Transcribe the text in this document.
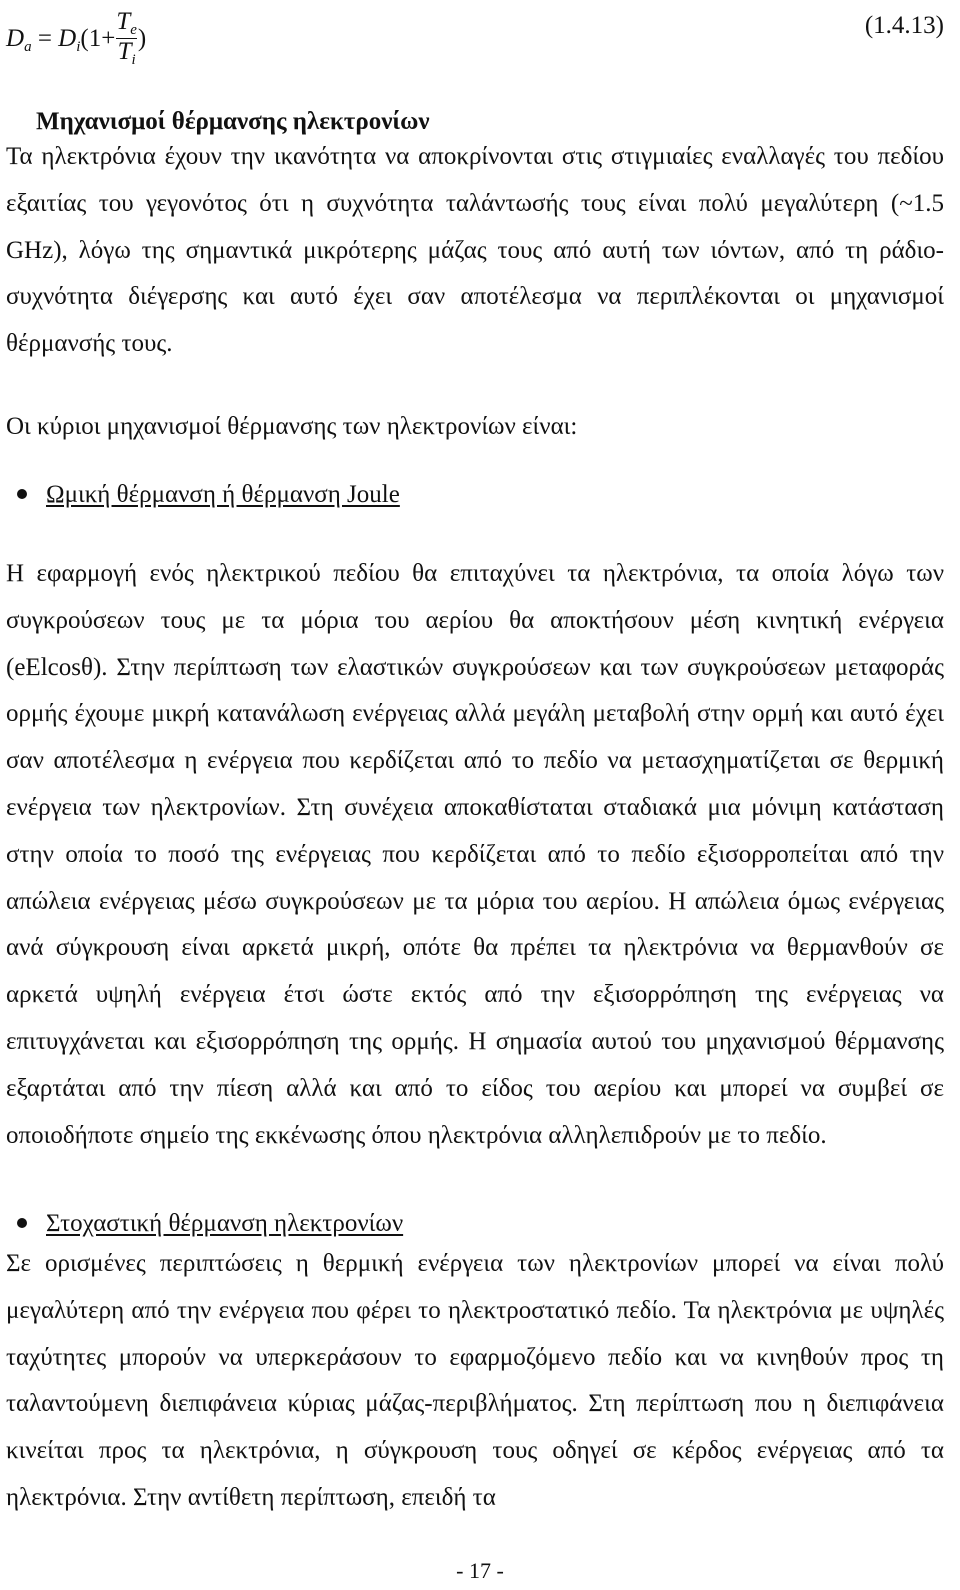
$D_a = D_i(1+ \frac{T_e}{T_i}$ )	(1.4.13)
Μηχανισμοί θέρμανσης ηλεκτρονίων

Τα ηλεκτρόνια έχουν την ικανότητα να αποκρίνονται στις στιγμιαίες εναλλαγές του πεδίου εξαιτίας του γεγονότος ότι η συχνότητα ταλάντωσής τους είναι πολύ μεγαλύτερη (~1.5 GHz), λόγω της σημαντικά μικρότερης μάζας τους από αυτή των ιόντων, από τη ράδιο-συχνότητα διέγερσης και αυτό έχει σαν αποτέλεσμα να περιπλέκονται οι μηχανισμοί θέρμανσής τους.

Οι κύριοι μηχανισμοί θέρμανσης των ηλεκτρονίων είναι:

Ωμική θέρμανση ή θέρμανση Joule

Η εφαρμογή ενός ηλεκτρικού πεδίου θα επιταχύνει τα ηλεκτρόνια, τα οποία λόγω των συγκρούσεων τους με τα μόρια του αερίου θα αποκτήσουν μέση κινητική ενέργεια (eΕlcosθ). Στην περίπτωση των ελαστικών συγκρούσεων και των συγκρούσεων μεταφοράς ορμής έχουμε μικρή κατανάλωση ενέργειας αλλά μεγάλη μεταβολή στην ορμή και αυτό έχει σαν αποτέλεσμα η ενέργεια που κερδίζεται από το πεδίο να μετασχηματίζεται σε θερμική ενέργεια των ηλεκτρονίων. Στη συνέχεια αποκαθίσταται σταδιακά μια μόνιμη κατάσταση στην οποία το ποσό της ενέργειας που κερδίζεται από το πεδίο εξισορροπείται από την απώλεια ενέργειας μέσω συγκρούσεων με τα μόρια του αερίου. Η απώλεια όμως ενέργειας ανά σύγκρουση είναι αρκετά μικρή, οπότε θα πρέπει τα ηλεκτρόνια να θερμανθούν σε αρκετά υψηλή ενέργεια έτσι ώστε εκτός από την εξισορρόπηση της ενέργειας να επιτυγχάνεται και εξισορρόπηση της ορμής. Η σημασία αυτού του μηχανισμού θέρμανσης εξαρτάται από την πίεση αλλά και από το είδος του αερίου και μπορεί να συμβεί σε οποιοδήποτε σημείο της εκκένωσης όπου ηλεκτρόνια αλληλεπιδρούν με το πεδίο.

Στοχαστική θέρμανση ηλεκτρονίων

Σε ορισμένες περιπτώσεις η θερμική ενέργεια των ηλεκτρονίων μπορεί να είναι πολύ μεγαλύτερη από την ενέργεια που φέρει το ηλεκτροστατικό πεδίο. Τα ηλεκτρόνια με υψηλές ταχύτητες μπορούν να υπερκεράσουν το εφαρμοζόμενο πεδίο και να κινηθούν προς τη ταλαντούμενη διεπιφάνεια κύριας μάζας-περιβλήματος. Στη περίπτωση που η διεπιφάνεια κινείται προς τα ηλεκτρόνια, η σύγκρουση τους οδηγεί σε κέρδος ενέργειας από τα ηλεκτρόνια. Στην αντίθετη περίπτωση, επειδή τα

- 17 -
